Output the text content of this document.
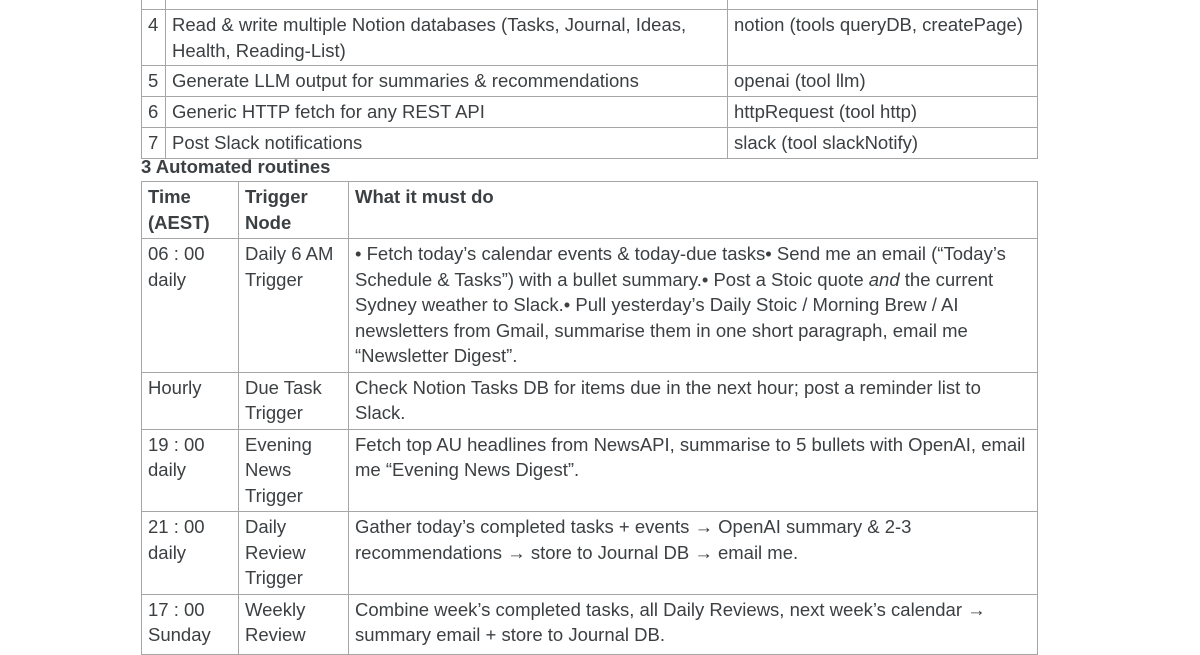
4	Read & write multiple Notion databases (Tasks, Journal, Ideas, Health, Reading-List)	notion (tools queryDB, createPage)
5	Generate LLM output for summaries & recommendations	openai (tool llm)
6	Generic HTTP fetch for any REST API	httpRequest (tool http)
7	Post Slack notifications	slack (tool slackNotify)
3 Automated routines
Time (AEST)	Trigger Node	What it must do
06 : 00 daily	Daily 6 AM Trigger	• Fetch today’s calendar events & today-due tasks• Send me an email (“Today’s Schedule & Tasks”) with a bullet summary.• Post a Stoic quote and the current Sydney weather to Slack.• Pull yesterday’s Daily Stoic / Morning Brew / AI newsletters from Gmail, summarise them in one short paragraph, email me “Newsletter Digest”.
Hourly	Due Task Trigger	Check Notion Tasks DB for items due in the next hour; post a reminder list to Slack.
19 : 00 daily	Evening News Trigger	Fetch top AU headlines from NewsAPI, summarise to 5 bullets with OpenAI, email me “Evening News Digest”.
21 : 00 daily	Daily Review Trigger	Gather today’s completed tasks + events → OpenAI summary & 2-3 recommendations → store to Journal DB → email me.
17 : 00 Sunday	Weekly Review	Combine week’s completed tasks, all Daily Reviews, next week’s calendar → summary email + store to Journal DB.
